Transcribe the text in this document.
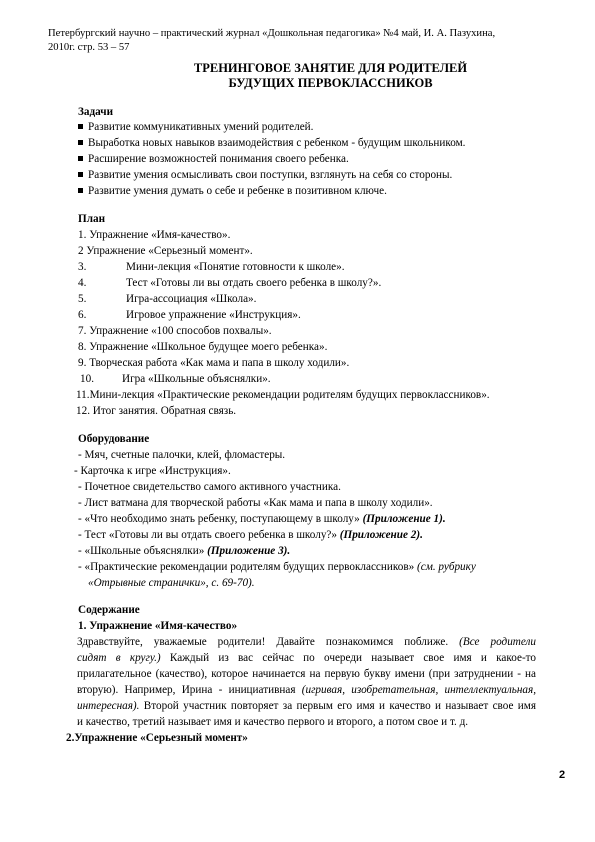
Петербургский научно – практический журнал «Дошкольная педагогика» №4 май, И. А. Пазухина,
2010г. стр. 53 – 57
ТРЕНИНГОВОЕ ЗАНЯТИЕ ДЛЯ РОДИТЕЛЕЙ
БУДУЩИХ ПЕРВОКЛАССНИКОВ
Задачи
Развитие коммуникативных умений родителей.
Выработка новых навыков взаимодействия с ребенком - будущим школьником.
Расширение возможностей понимания своего ребенка.
Развитие умения осмысливать свои поступки, взглянуть на себя со стороны.
Развитие умения думать о себе и ребенке в позитивном ключе.
План
1. Упражнение «Имя-качество».
2 Упражнение «Серьезный момент».
3.	Мини-лекция «Понятие готовности к школе».
4.	Тест «Готовы ли вы отдать своего ребенка в школу?».
5.	Игра-ассоциация «Школа».
6.	Игровое упражнение «Инструкция».
7. Упражнение «100 способов похвалы».
8. Упражнение «Школьное будущее моего ребенка».
9. Творческая работа «Как мама и папа в школу ходили».
10.	Игра «Школьные объяснялки».
11.Мини-лекция «Практические рекомендации родителям будущих первоклассников».
12. Итог занятия. Обратная связь.
Оборудование
- Мяч, счетные палочки, клей, фломастеры.
- Карточка к игре «Инструкция».
- Почетное свидетельство самого активного участника.
- Лист ватмана для творческой работы «Как мама и папа в школу ходили».
- «Что необходимо знать ребенку, поступающему в школу» (Приложение 1).
- Тест «Готовы ли вы отдать своего ребенка в школу?» (Приложение 2).
- «Школьные объяснялки» (Приложение 3).
- «Практические рекомендации родителям будущих первоклассников» (см. рубрику
«Отрывные странички», с. 69-70).
Содержание
1. Упражнение «Имя-качество»
Здравствуйте, уважаемые родители! Давайте познакомимся поближе. (Все родители
сидят в кругу.) Каждый из вас сейчас по очереди называет свое имя и какое-то
прилагательное (качество), которое начинается на первую букву имени (при затруднении - на
вторую). Например, Ирина - инициативная (игривая, изобретательная, интеллектуальная,
интересная). Второй участник повторяет за первым его имя и качество и называет свое имя
и качество, третий называет имя и качество первого и второго, а потом свое и т. д.
2.Упражнение «Серьезный момент»
2
